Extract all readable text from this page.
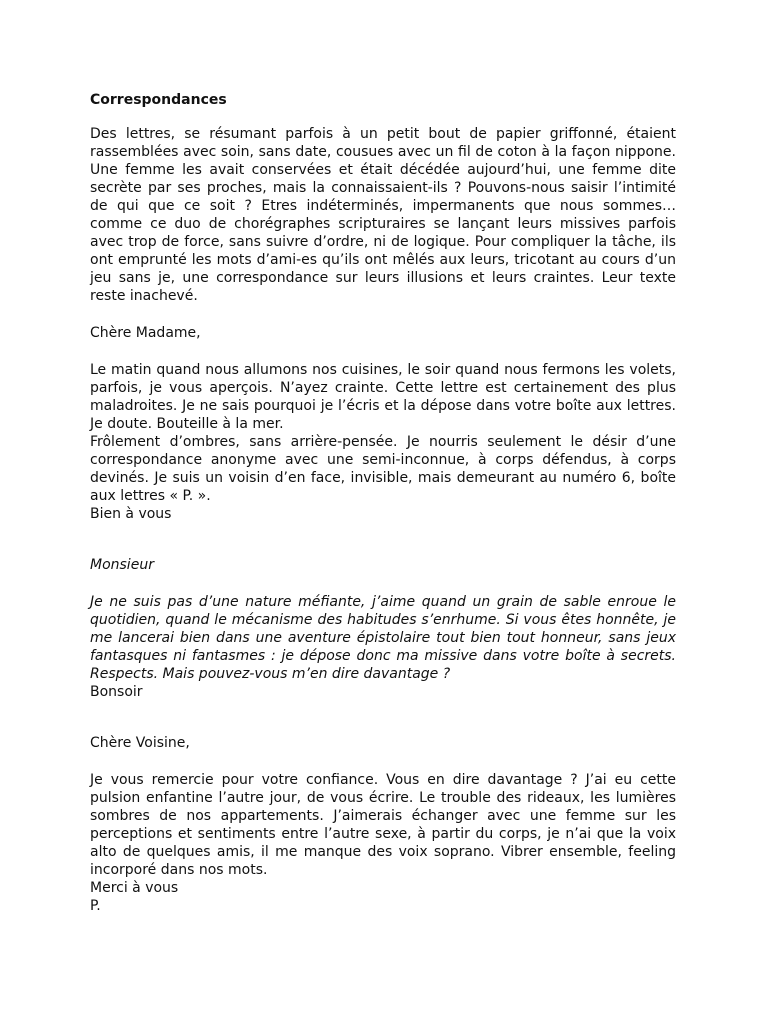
Correspondances

Des lettres, se résumant parfois à un petit bout de papier griffonné, étaient rassemblées avec soin, sans date, cousues avec un fil de coton à la façon nippone. Une femme les avait conservées et était décédée aujourd’hui, une femme dite secrète par ses proches, mais la connaissaient-ils ? Pouvons-nous saisir l’intimité de qui que ce soit ? Etres indéterminés, impermanents que nous sommes… comme ce duo de chorégraphes scripturaires se lançant leurs missives parfois avec trop de force, sans suivre d’ordre, ni de logique. Pour compliquer la tâche, ils ont emprunté les mots d’ami-es qu’ils ont mêlés aux leurs, tricotant au cours d’un jeu sans je, une correspondance sur leurs illusions et leurs craintes. Leur texte reste inachevé.

Chère Madame,

Le matin quand nous allumons nos cuisines, le soir quand nous fermons les volets, parfois, je vous aperçois. N’ayez crainte. Cette lettre est certainement des plus maladroites. Je ne sais pourquoi je l’écris et la dépose dans votre boîte aux lettres. Je doute. Bouteille à la mer.

Frôlement d’ombres, sans arrière-pensée. Je nourris seulement le désir d’une correspondance anonyme avec une semi-inconnue, à corps défendus, à corps devinés. Je suis un voisin d’en face, invisible, mais demeurant au numéro 6, boîte aux lettres « P. ».

Bien à vous

Monsieur

Je ne suis pas d’une nature méfiante, j’aime quand un grain de sable enroue le quotidien, quand le mécanisme des habitudes s’enrhume. Si vous êtes honnête, je me lancerai bien dans une aventure épistolaire tout bien tout honneur, sans jeux fantasques ni fantasmes : je dépose donc ma missive dans votre boîte à secrets. Respects. Mais pouvez-vous m’en dire davantage ?

Bonsoir

Chère Voisine,

Je vous remercie pour votre confiance. Vous en dire davantage ? J’ai eu cette pulsion enfantine l’autre jour, de vous écrire. Le trouble des rideaux, les lumières sombres de nos appartements. J’aimerais échanger avec une femme sur les perceptions et sentiments entre l’autre sexe, à partir du corps, je n’ai que la voix alto de quelques amis, il me manque des voix soprano. Vibrer ensemble, feeling incorporé dans nos mots.

Merci à vous

P.
